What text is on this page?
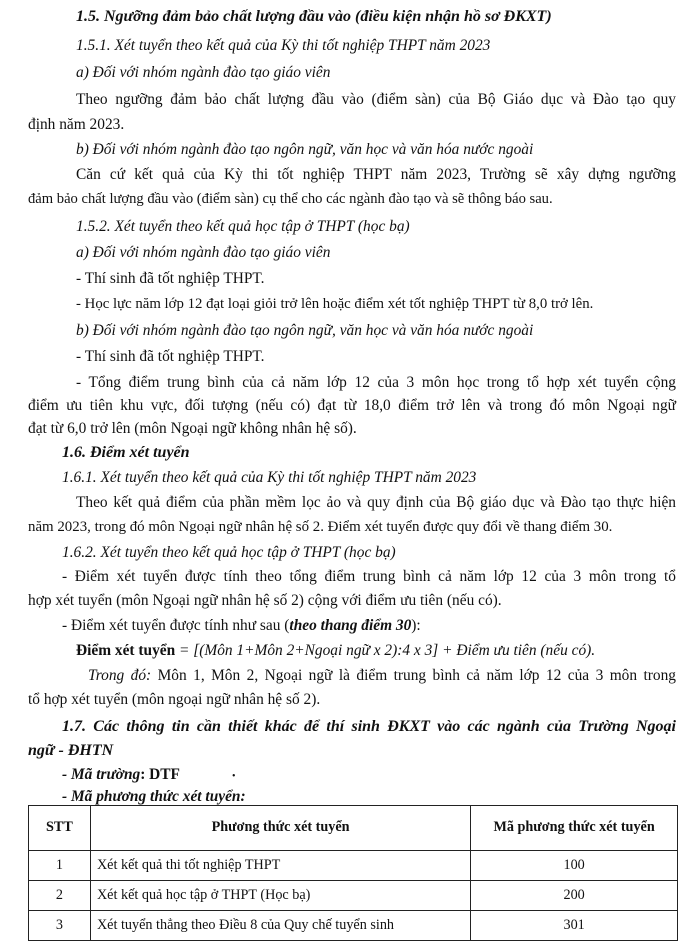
1.5. Ngưỡng đảm bảo chất lượng đầu vào (điều kiện nhận hồ sơ ĐKXT)
1.5.1. Xét tuyển theo kết quả của Kỳ thi tốt nghiệp THPT năm 2023
a) Đối với nhóm ngành đào tạo giáo viên
Theo ngưỡng đảm bảo chất lượng đầu vào (điểm sàn) của Bộ Giáo dục và Đào tạo quy
định năm 2023.
b) Đối với nhóm ngành đào tạo ngôn ngữ, văn học và văn hóa nước ngoài
Căn cứ kết quả của Kỳ thi tốt nghiệp THPT năm 2023, Trường sẽ xây dựng ngưỡng
đảm bảo chất lượng đầu vào (điểm sàn) cụ thể cho các ngành đào tạo và sẽ thông báo sau.
1.5.2. Xét tuyển theo kết quả học tập ở THPT (học bạ)
a) Đối với nhóm ngành đào tạo giáo viên
- Thí sinh đã tốt nghiệp THPT.
- Học lực năm lớp 12 đạt loại giỏi trở lên hoặc điểm xét tốt nghiệp THPT từ 8,0 trở lên.
b) Đối với nhóm ngành đào tạo ngôn ngữ, văn học và văn hóa nước ngoài
- Thí sinh đã tốt nghiệp THPT.
- Tổng điểm trung bình của cả năm lớp 12 của 3 môn học trong tổ hợp xét tuyển cộng
điểm ưu tiên khu vực, đối tượng (nếu có) đạt từ 18,0 điểm trở lên và trong đó môn Ngoại ngữ
đạt từ 6,0 trở lên (môn Ngoại ngữ không nhân hệ số).
1.6. Điểm xét tuyển
1.6.1. Xét tuyển theo kết quả của Kỳ thi tốt nghiệp THPT năm 2023
Theo kết quả điểm của phần mềm lọc ảo và quy định của Bộ giáo dục và Đào tạo thực hiện
năm 2023, trong đó môn Ngoại ngữ nhân hệ số 2. Điểm xét tuyển được quy đổi về thang điểm 30.
1.6.2. Xét tuyển theo kết quả học tập ở THPT (học bạ)
- Điểm xét tuyển được tính theo tổng điểm trung bình cả năm lớp 12 của 3 môn trong tổ
hợp xét tuyển (môn Ngoại ngữ nhân hệ số 2) cộng với điểm ưu tiên (nếu có).
- Điểm xét tuyển được tính như sau (theo thang điểm 30):
Điểm xét tuyển = [(Môn 1+Môn 2+Ngoại ngữ x 2):4 x 3] + Điểm ưu tiên (nếu có).
Trong đó: Môn 1, Môn 2, Ngoại ngữ là điểm trung bình cả năm lớp 12 của 3 môn trong
tổ hợp xét tuyển (môn ngoại ngữ nhân hệ số 2).
1.7. Các thông tin cần thiết khác để thí sinh ĐKXT vào các ngành của Trường Ngoại
ngữ - ĐHTN
- Mã trường: DTF	•
- Mã phương thức xét tuyển:
STT	Phương thức xét tuyển	Mã phương thức xét tuyển
1	Xét kết quả thi tốt nghiệp THPT	100
2	Xét kết quả học tập ở THPT (Học bạ)	200
3	Xét tuyển thẳng theo Điều 8 của Quy chế tuyển sinh	301
